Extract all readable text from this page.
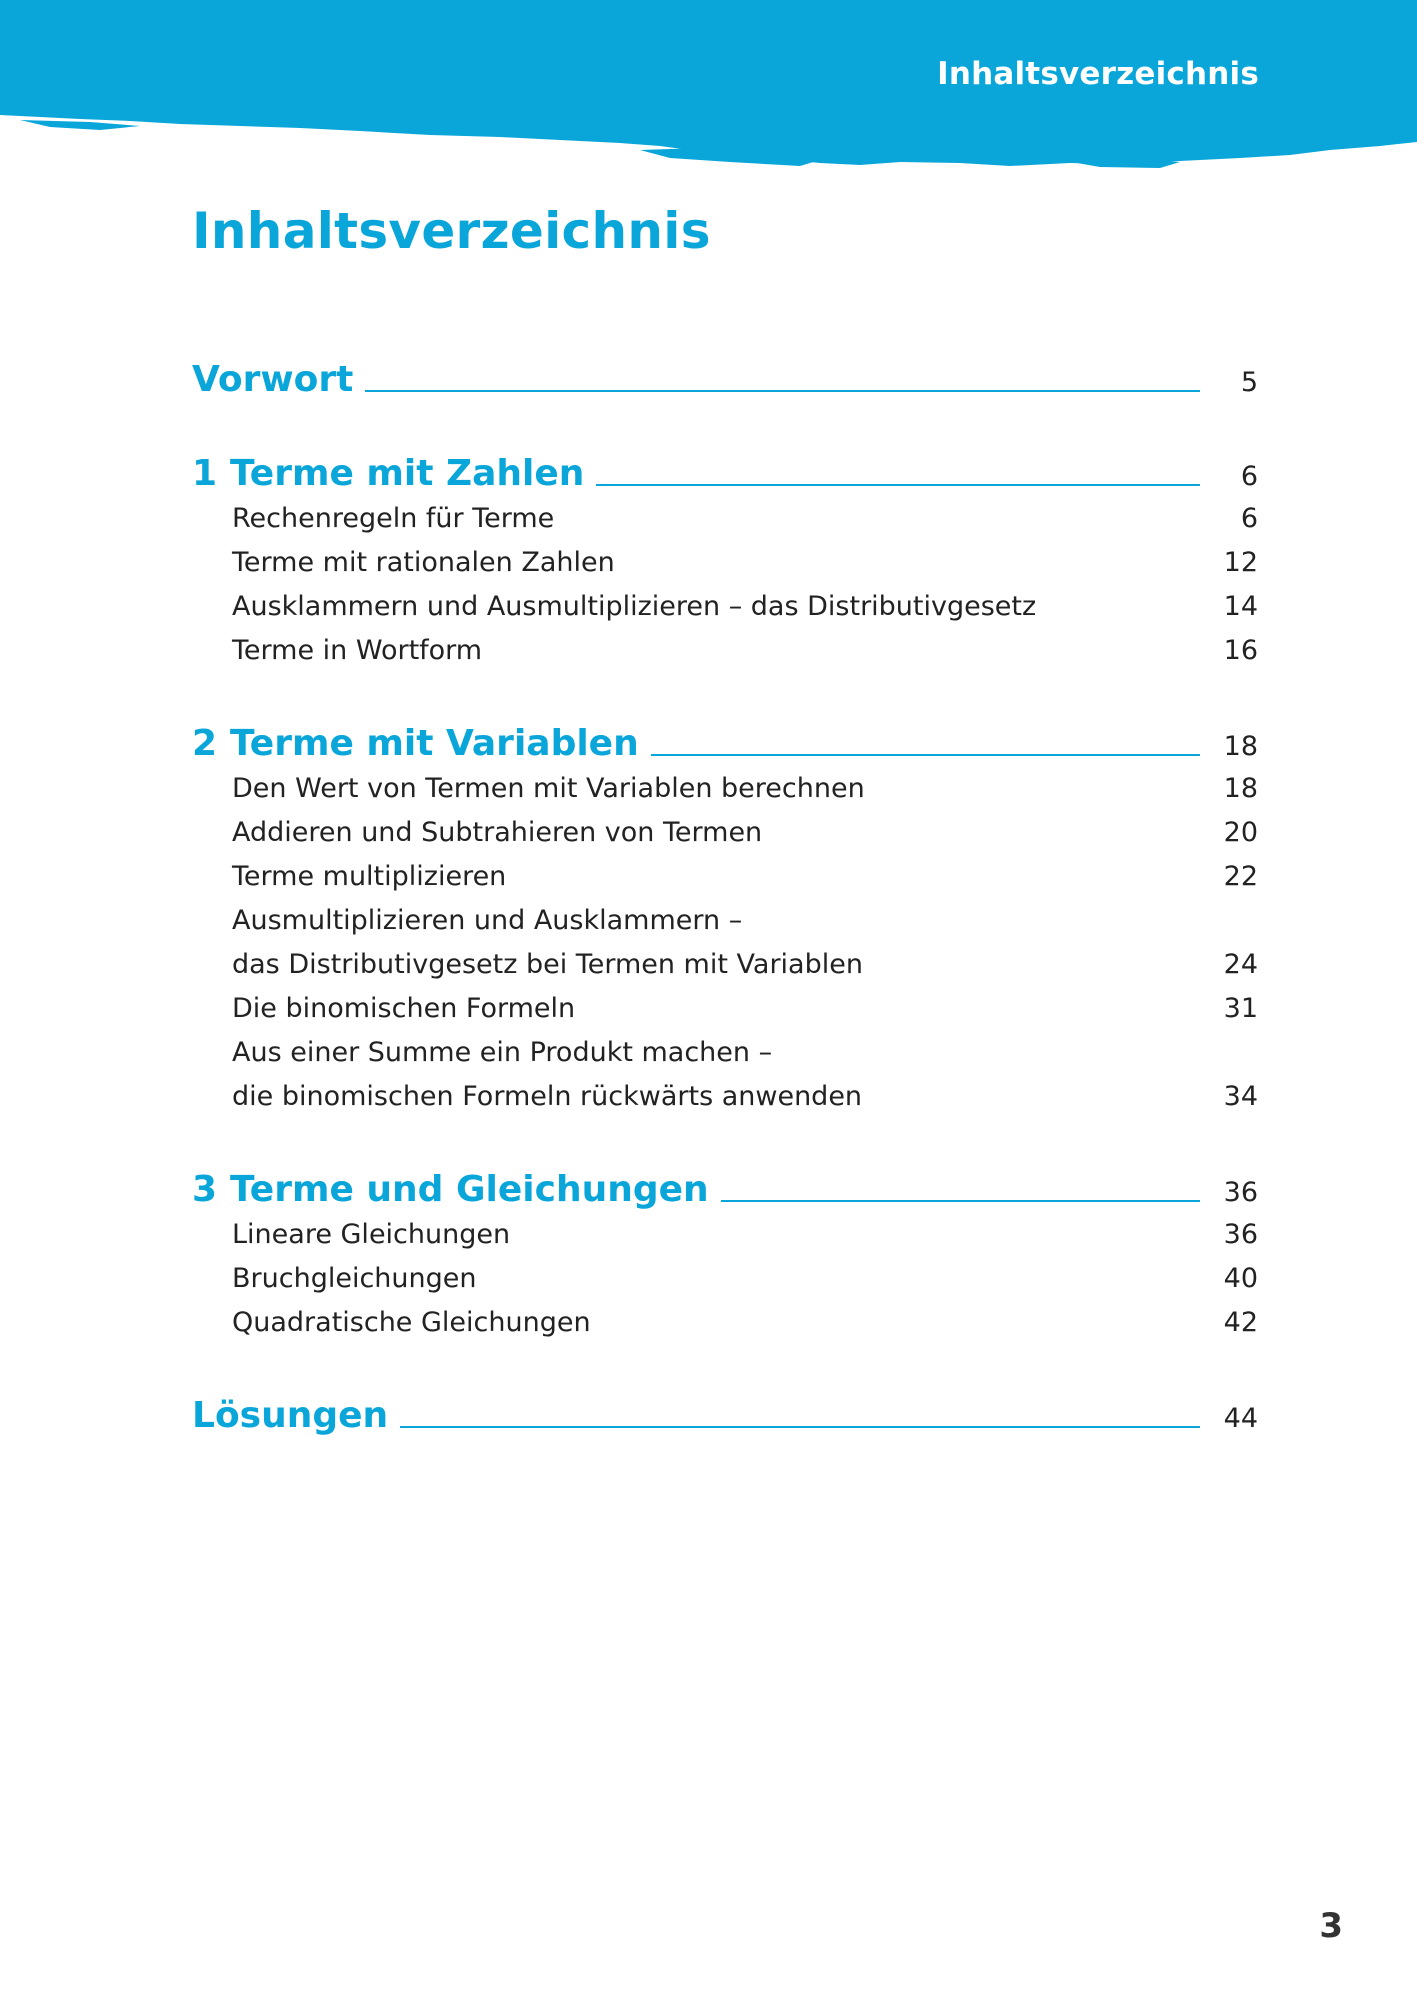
Inhaltsverzeichnis
Inhaltsverzeichnis
Vorwort	5
1 Terme mit Zahlen	6
Rechenregeln für Terme	6
Terme mit rationalen Zahlen	12
Ausklammern und Ausmultiplizieren – das Distributivgesetz	14
Terme in Wortform	16
2 Terme mit Variablen	18
Den Wert von Termen mit Variablen berechnen	18
Addieren und Subtrahieren von Termen	20
Terme multiplizieren	22
Ausmultiplizieren und Ausklammern –
das Distributivgesetz bei Termen mit Variablen	24
Die binomischen Formeln	31
Aus einer Summe ein Produkt machen –
die binomischen Formeln rückwärts anwenden	34
3 Terme und Gleichungen	36
Lineare Gleichungen	36
Bruchgleichungen	40
Quadratische Gleichungen	42
Lösungen	44
3
